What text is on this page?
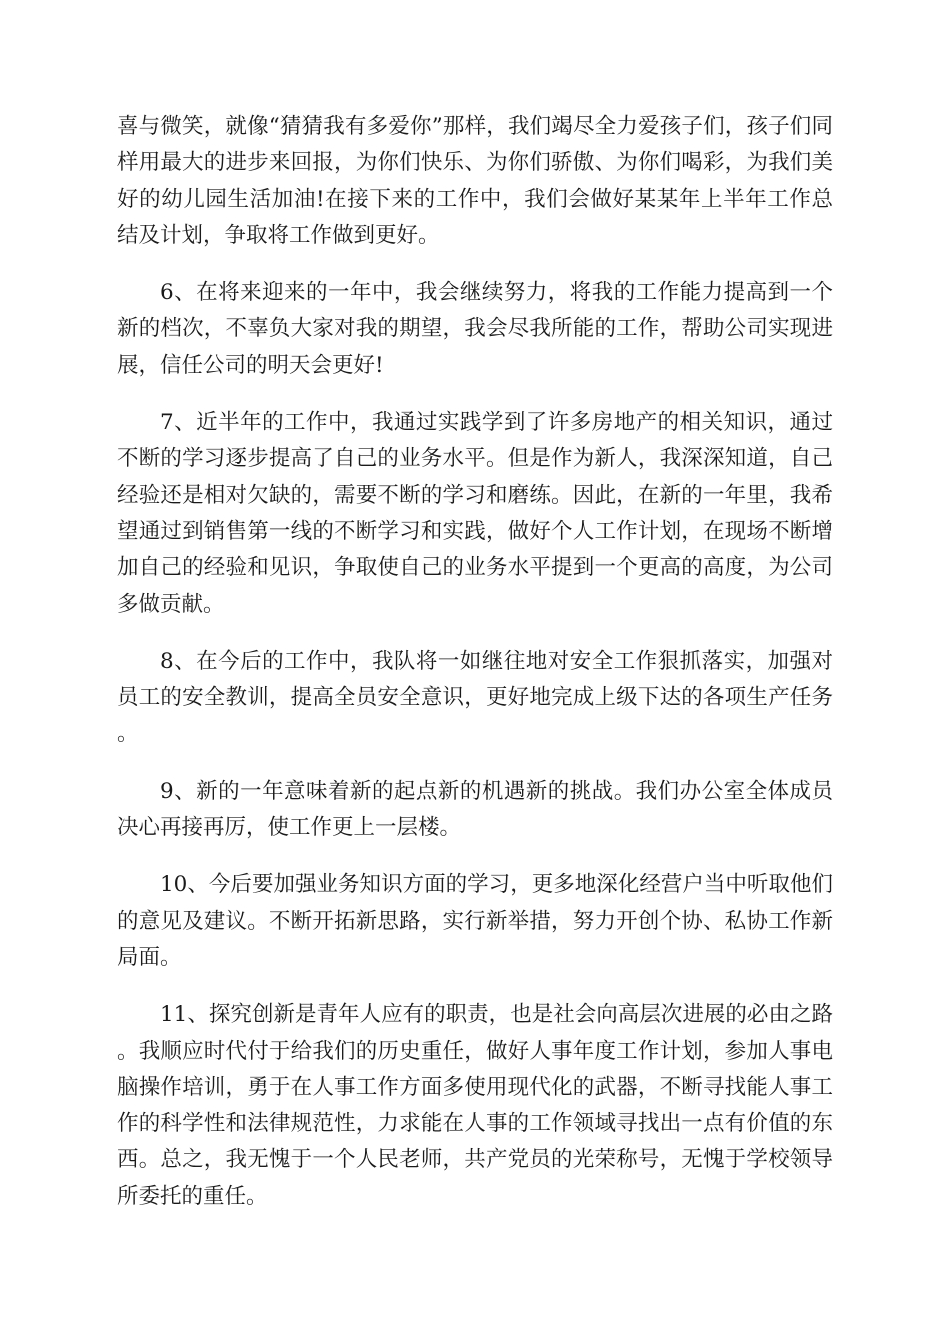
喜与微笑，就像“猜猜我有多爱你”那样，我们竭尽全力爱孩子们，孩子们同样用最大的进步来回报，为你们快乐、为你们骄傲、为你们喝彩，为我们美好的幼儿园生活加油!在接下来的工作中，我们会做好某某年上半年工作总结及计划，争取将工作做到更好。

6、在将来迎来的一年中，我会继续努力，将我的工作能力提高到一个新的档次，不辜负大家对我的期望，我会尽我所能的工作，帮助公司实现进展，信任公司的明天会更好!

7、近半年的工作中，我通过实践学到了许多房地产的相关知识，通过不断的学习逐步提高了自己的业务水平。但是作为新人，我深深知道，自己经验还是相对欠缺的，需要不断的学习和磨练。因此，在新的一年里，我希望通过到销售第一线的不断学习和实践，做好个人工作计划，在现场不断增加自己的经验和见识，争取使自己的业务水平提到一个更高的高度，为公司多做贡献。

8、在今后的工作中，我队将一如继往地对安全工作狠抓落实，加强对员工的安全教训，提高全员安全意识，更好地完成上级下达的各项生产任务。

9、新的一年意味着新的起点新的机遇新的挑战。我们办公室全体成员决心再接再厉，使工作更上一层楼。

10、今后要加强业务知识方面的学习，更多地深化经营户当中听取他们的意见及建议。不断开拓新思路，实行新举措，努力开创个协、私协工作新局面。

11、探究创新是青年人应有的职责，也是社会向高层次进展的必由之路。我顺应时代付于给我们的历史重任，做好人事年度工作计划，参加人事电脑操作培训，勇于在人事工作方面多使用现代化的武器，不断寻找能人事工作的科学性和法律规范性，力求能在人事的工作领域寻找出一点有价值的东西。总之，我无愧于一个人民老师，共产党员的光荣称号，无愧于学校领导所委托的重任。
